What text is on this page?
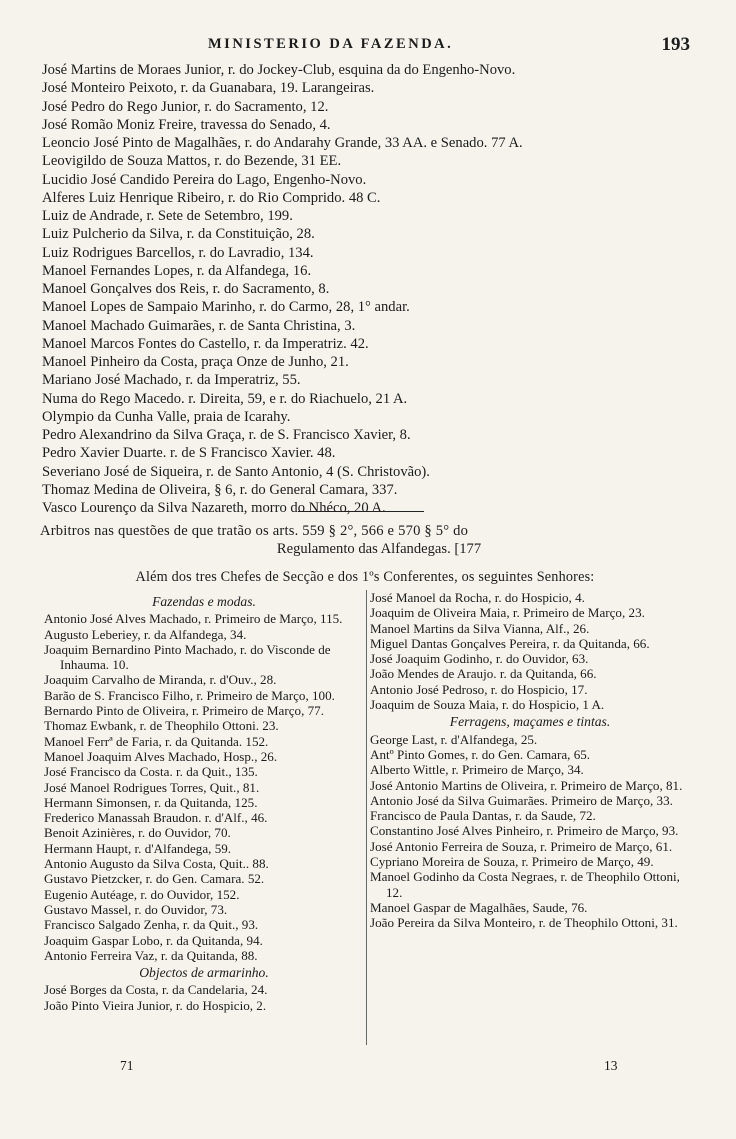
MINISTERIO DA FAZENDA.	193
José Martins de Moraes Junior, r. do Jockey-Club, esquina da do Engenho-Novo.
José Monteiro Peixoto, r. da Guanabara, 19. Larangeiras.
José Pedro do Rego Junior, r. do Sacramento, 12.
José Romão Moniz Freire, travessa do Senado, 4.
Leoncio José Pinto de Magalhães, r. do Andarahy Grande, 33 AA. e Senado. 77 A.
Leovigildo de Souza Mattos, r. do Bezende, 31 EE.
Lucidio José Candido Pereira do Lago, Engenho-Novo.
Alferes Luiz Henrique Ribeiro, r. do Rio Comprido. 48 C.
Luiz de Andrade, r. Sete de Setembro, 199.
Luiz Pulcherio da Silva, r. da Constituição, 28.
Luiz Rodrigues Barcellos, r. do Lavradio, 134.
Manoel Fernandes Lopes, r. da Alfandega, 16.
Manoel Gonçalves dos Reis, r. do Sacramento, 8.
Manoel Lopes de Sampaio Marinho, r. do Carmo, 28, 1° andar.
Manoel Machado Guimarães, r. de Santa Christina, 3.
Manoel Marcos Fontes do Castello, r. da Imperatriz. 42.
Manoel Pinheiro da Costa, praça Onze de Junho, 21.
Mariano José Machado, r. da Imperatriz, 55.
Numa do Rego Macedo. r. Direita, 59, e r. do Riachuelo, 21 A.
Olympio da Cunha Valle, praia de Icarahy.
Pedro Alexandrino da Silva Graça, r. de S. Francisco Xavier, 8.
Pedro Xavier Duarte. r. de S Francisco Xavier. 48.
Severiano José de Siqueira, r. de Santo Antonio, 4 (S. Christovão).
Thomaz Medina de Oliveira, § 6, r. do General Camara, 337.
Vasco Lourenço da Silva Nazareth, morro do Nhéco, 20 A.
Arbitros nas questões de que tratão os arts. 559 § 2°, 566 e 570 § 5° do
Regulamento das Alfandegas. [177
Além dos tres Chefes de Secção e dos 1ºs Conferentes, os seguintes Senhores:
Fazendas e modas.
Antonio José Alves Machado, r. Primeiro de Março, 115.
Augusto Leberiey, r. da Alfandega, 34.
Joaquim Bernardino Pinto Machado, r. do Visconde de Inhauma. 10.
Joaquim Carvalho de Miranda, r. d'Ouv., 28.
Barão de S. Francisco Filho, r. Primeiro de Março, 100.
Bernardo Pinto de Oliveira, r. Primeiro de Março, 77.
Thomaz Ewbank, r. de Theophilo Ottoni. 23.
Manoel Ferrª de Faria, r. da Quitanda. 152.
Manoel Joaquim Alves Machado, Hosp., 26.
José Francisco da Costa. r. da Quit., 135.
José Manoel Rodrigues Torres, Quit., 81.
Hermann Simonsen, r. da Quitanda, 125.
Frederico Manassah Braudon. r. d'Alf., 46.
Benoit Azinières, r. do Ouvidor, 70.
Hermann Haupt, r. d'Alfandega, 59.
Antonio Augusto da Silva Costa, Quit.. 88.
Gustavo Pietzcker, r. do Gen. Camara. 52.
Eugenio Autéage, r. do Ouvidor, 152.
Gustavo Massel, r. do Ouvidor, 73.
Francisco Salgado Zenha, r. da Quit., 93.
Joaquim Gaspar Lobo, r. da Quitanda, 94.
Antonio Ferreira Vaz, r. da Quitanda, 88.
Objectos de armarinho.
José Borges da Costa, r. da Candelaria, 24.
João Pinto Vieira Junior, r. do Hospicio, 2.
José Manoel da Rocha, r. do Hospicio, 4.
Joaquim de Oliveira Maia, r. Primeiro de Março, 23.
Manoel Martins da Silva Vianna, Alf., 26.
Miguel Dantas Gonçalves Pereira, r. da Quitanda, 66.
José Joaquim Godinho, r. do Ouvidor, 63.
João Mendes de Araujo. r. da Quitanda, 66.
Antonio José Pedroso, r. do Hospicio, 17.
Joaquim de Souza Maia, r. do Hospicio, 1 A.
Ferragens, maçames e tintas.
George Last, r. d'Alfandega, 25.
Antº Pinto Gomes, r. do Gen. Camara, 65.
Alberto Wittle, r. Primeiro de Março, 34.
José Antonio Martins de Oliveira, r. Primeiro de Março, 81.
Antonio José da Silva Guimarães. Primeiro de Março, 33.
Francisco de Paula Dantas, r. da Saude, 72.
Constantino José Alves Pinheiro, r. Primeiro de Março, 93.
José Antonio Ferreira de Souza, r. Primeiro de Março, 61.
Cypriano Moreira de Souza, r. Primeiro de Março, 49.
Manoel Godinho da Costa Negraes, r. de Theophilo Ottoni, 12.
Manoel Gaspar de Magalhães, Saude, 76.
João Pereira da Silva Monteiro, r. de Theophilo Ottoni, 31.
71	13
